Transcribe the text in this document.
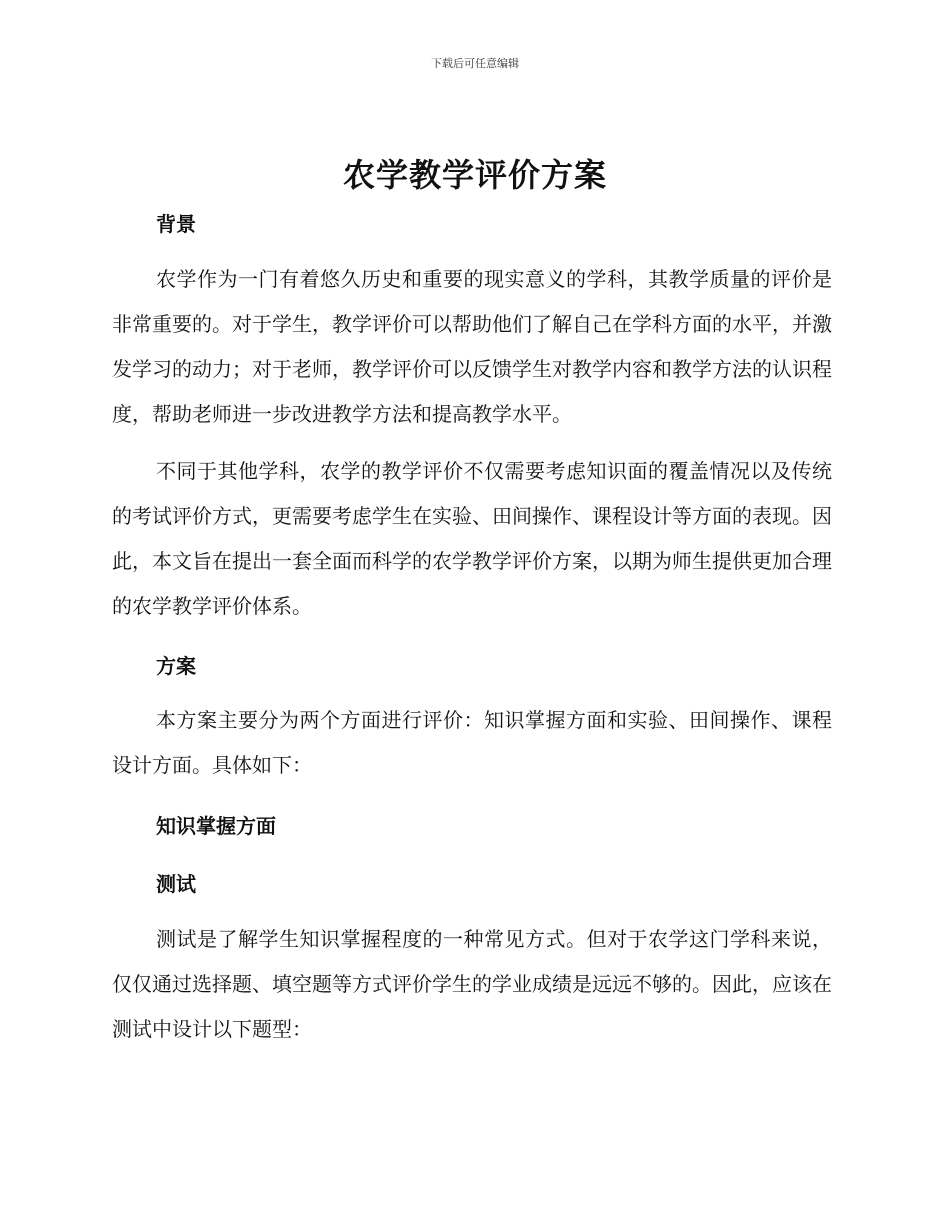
下载后可任意编辑
农学教学评价方案
背景

农学作为一门有着悠久历史和重要的现实意义的学科，其教学质量的评价是非常重要的。对于学生，教学评价可以帮助他们了解自己在学科方面的水平，并激发学习的动力；对于老师，教学评价可以反馈学生对教学内容和教学方法的认识程度，帮助老师进一步改进教学方法和提高教学水平。

不同于其他学科，农学的教学评价不仅需要考虑知识面的覆盖情况以及传统的考试评价方式，更需要考虑学生在实验、田间操作、课程设计等方面的表现。因此，本文旨在提出一套全面而科学的农学教学评价方案，以期为师生提供更加合理的农学教学评价体系。

方案

本方案主要分为两个方面进行评价：知识掌握方面和实验、田间操作、课程设计方面。具体如下：

知识掌握方面
测试

测试是了解学生知识掌握程度的一种常见方式。但对于农学这门学科来说，仅仅通过选择题、填空题等方式评价学生的学业成绩是远远不够的。因此，应该在测试中设计以下题型：
